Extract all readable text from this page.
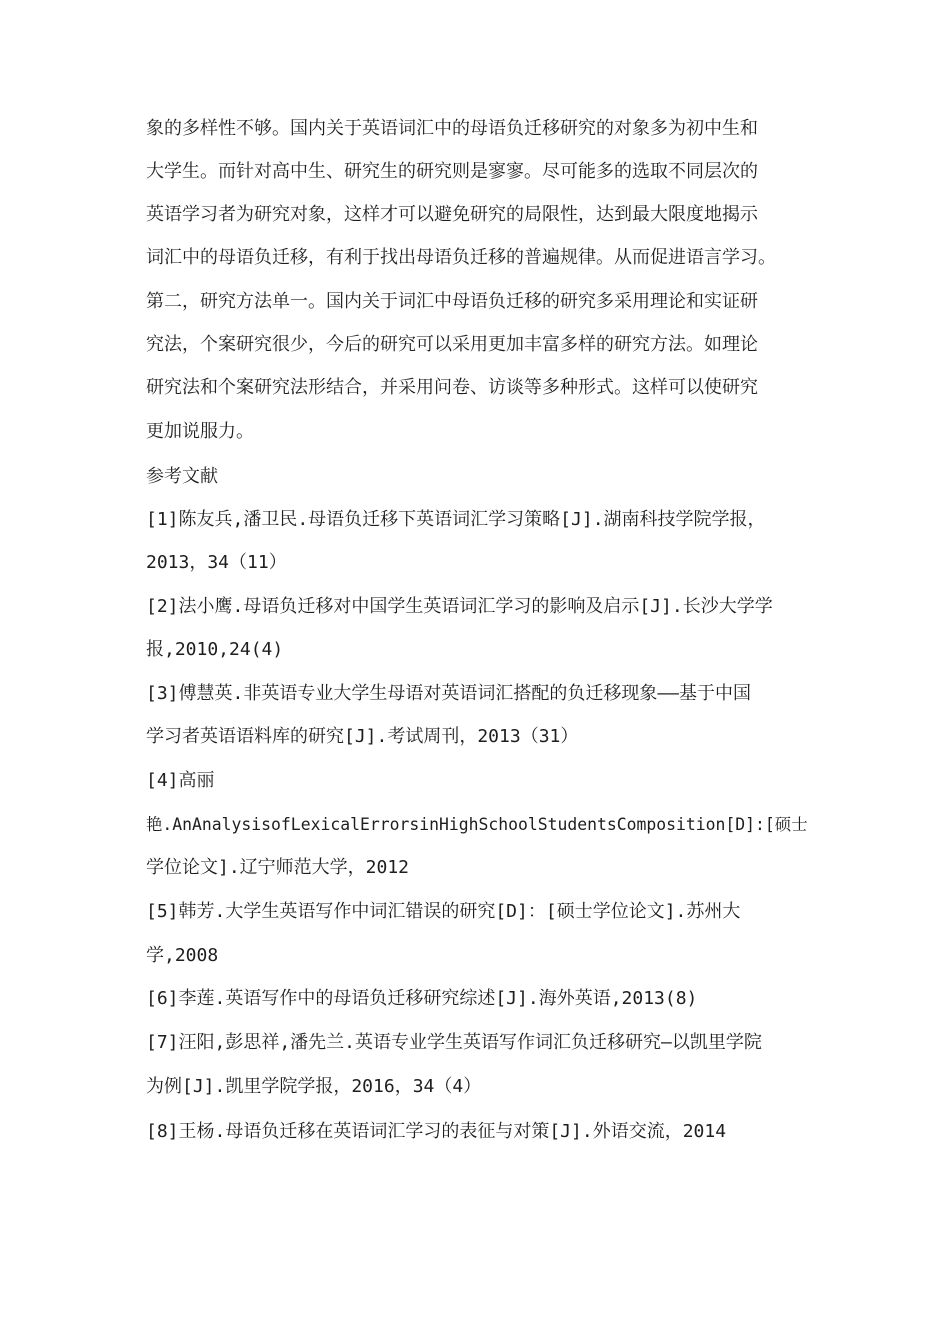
象的多样性不够。国内关于英语词汇中的母语负迁移研究的对象多为初中生和
大学生。而针对高中生、研究生的研究则是寥寥。尽可能多的选取不同层次的
英语学习者为研究对象，这样才可以避免研究的局限性，达到最大限度地揭示
词汇中的母语负迁移，有利于找出母语负迁移的普遍规律。从而促进语言学习。
第二，研究方法单一。国内关于词汇中母语负迁移的研究多采用理论和实证研
究法，个案研究很少，今后的研究可以采用更加丰富多样的研究方法。如理论
研究法和个案研究法形结合，并采用问卷、访谈等多种形式。这样可以使研究
更加说服力。
参考文献
[1]陈友兵,潘卫民.母语负迁移下英语词汇学习策略[J].湖南科技学院学报，
2013，34（11）
[2]法小鹰.母语负迁移对中国学生英语词汇学习的影响及启示[J].长沙大学学
报,2010,24(4)
[3]傅慧英.非英语专业大学生母语对英语词汇搭配的负迁移现象——基于中国
学习者英语语料库的研究[J].考试周刊，2013（31）
[4]高丽
艳.AnAnalysisofLexicalErrorsinHighSchoolStudentsComposition[D]:[硕士
学位论文].辽宁师范大学，2012
[5]韩芳.大学生英语写作中词汇错误的研究[D]：[硕士学位论文].苏州大
学,2008
[6]李莲.英语写作中的母语负迁移研究综述[J].海外英语,2013(8)
[7]汪阳,彭思祥,潘先兰.英语专业学生英语写作词汇负迁移研究—以凯里学院
为例[J].凯里学院学报，2016，34（4）
[8]王杨.母语负迁移在英语词汇学习的表征与对策[J].外语交流，2014
